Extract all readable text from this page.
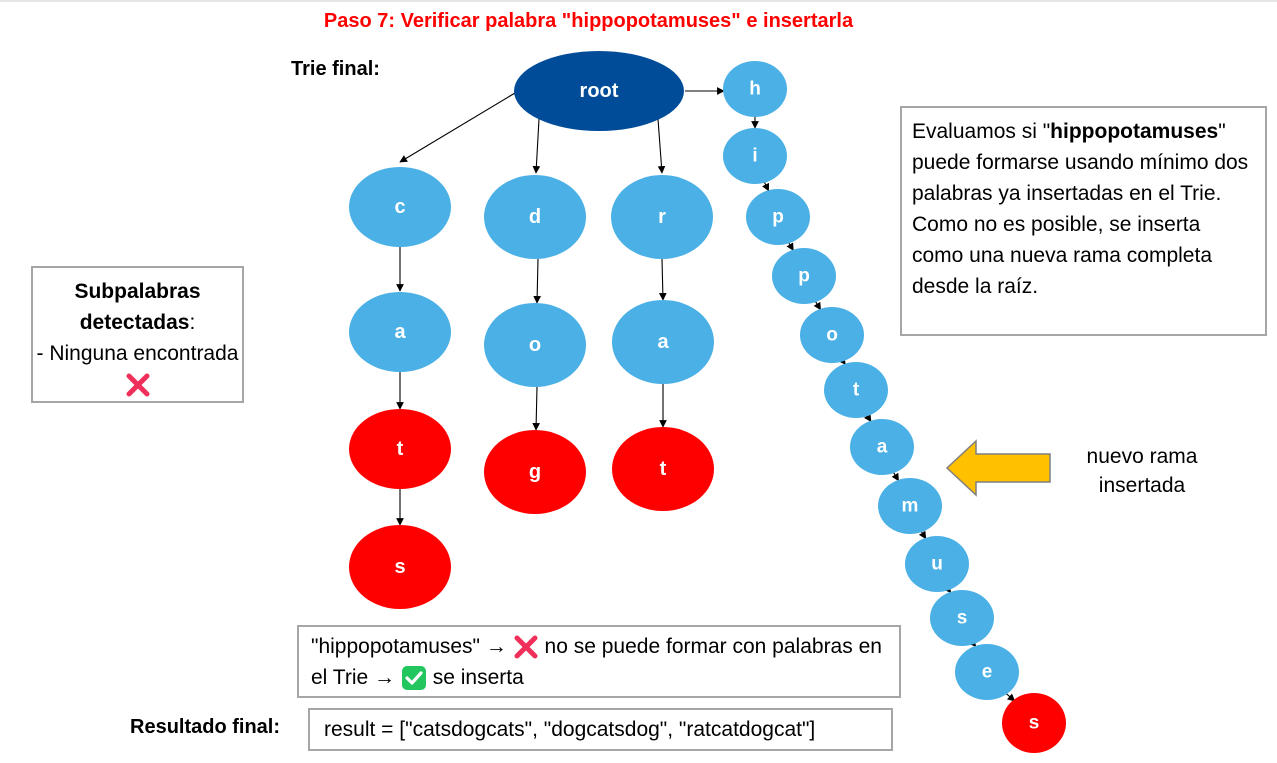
Paso 7: Verificar palabra "hippopotamuses" e insertarla
Trie final:
root
c
a
t
s
d
o
g
r
a
t
h
i
p
p
o
t
a
m
u
s
e
s
Subpalabras detectadas:
- Ninguna encontrada
Evaluamos si "hippopotamuses" puede formarse usando mínimo dos palabras ya insertadas en el Trie.
Como no es posible, se inserta como una nueva rama completa desde la raíz.
nuevo rama insertada
"hippopotamuses" → no se puede formar con palabras en el Trie → se inserta
Resultado final:	result = ["catsdogcats", "dogcatsdog", "ratcatdogcat"]
